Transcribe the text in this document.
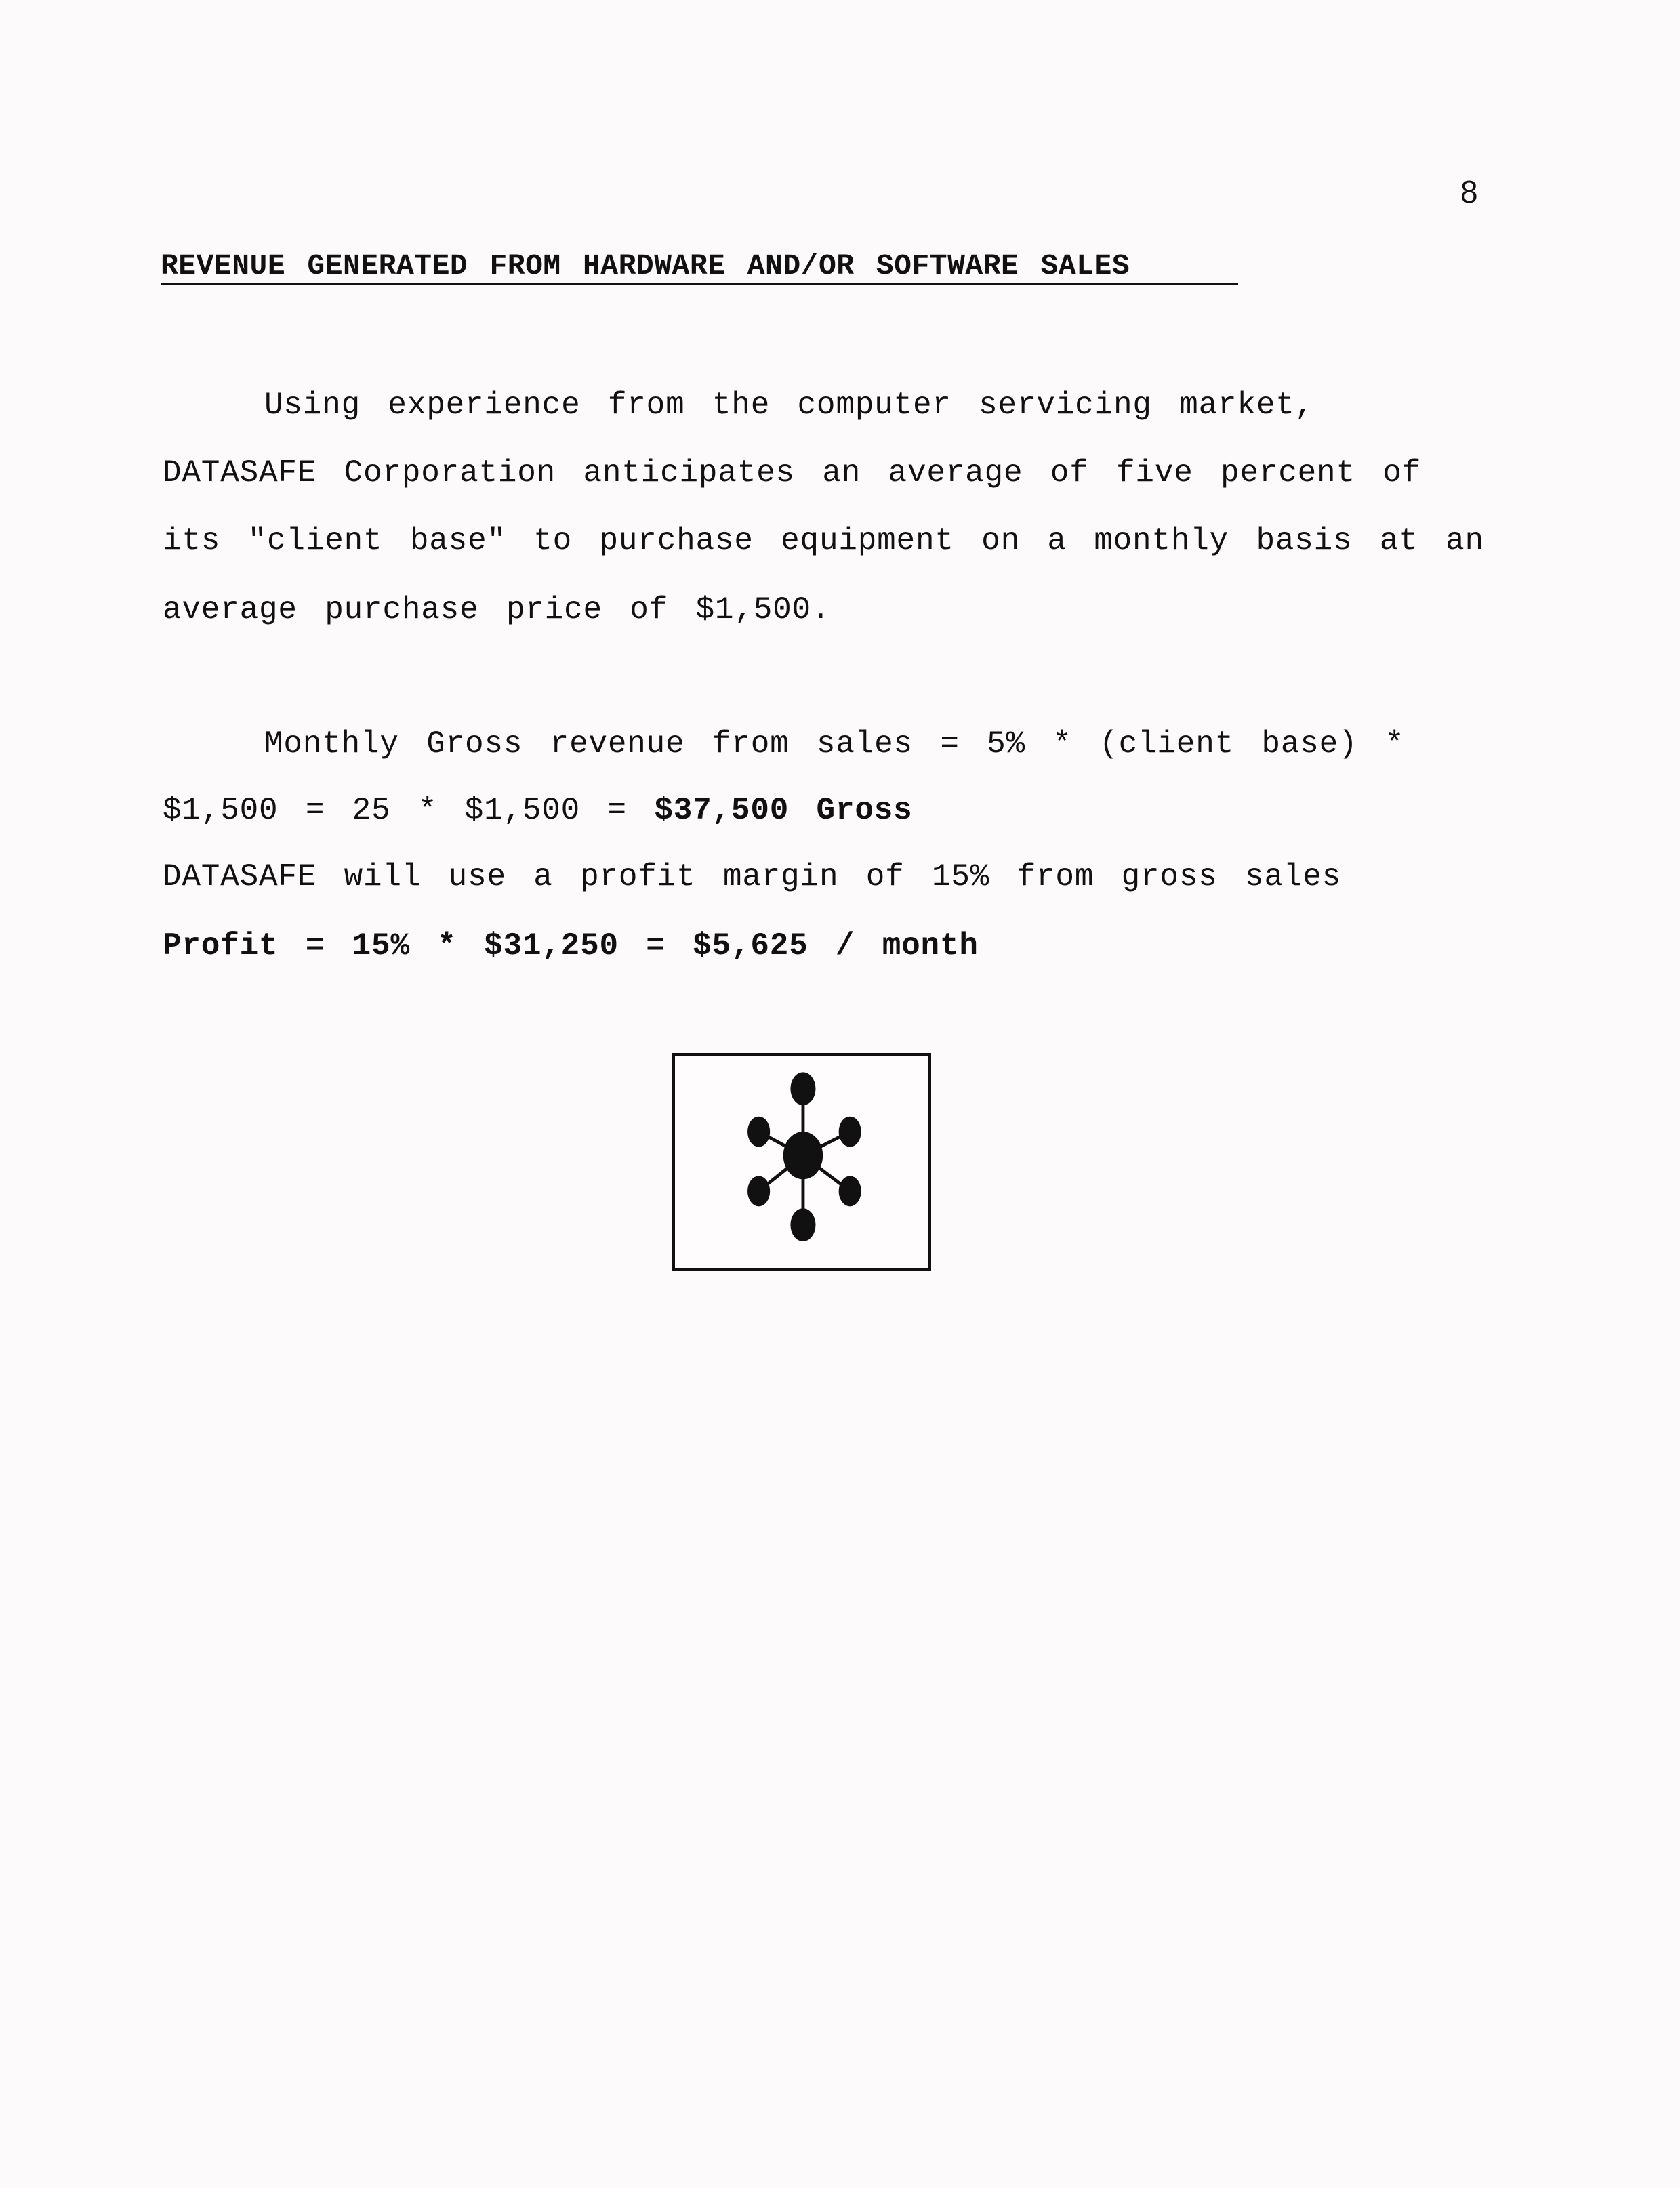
8
REVENUE GENERATED FROM HARDWARE AND/OR SOFTWARE SALES
Using experience from the computer servicing market,
DATASAFE Corporation anticipates an average of five percent of
its "client base" to purchase equipment on a monthly basis at an
average purchase price of $1,500.
Monthly Gross revenue from sales = 5% * (client base) *
$1,500 = 25 * $1,500 = $37,500 Gross
DATASAFE will use a profit margin of 15% from gross sales
Profit = 15% * $31,250 = $5,625 / month
